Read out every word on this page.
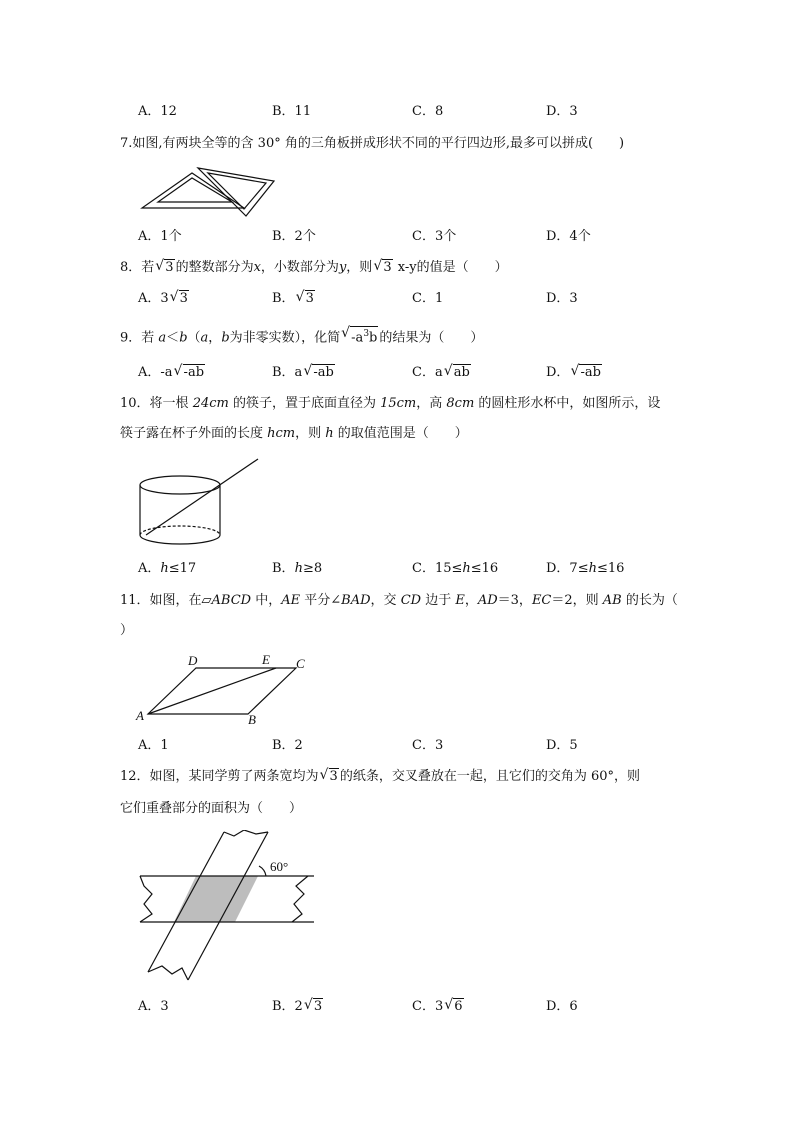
A．12	B．11	C．8	D．3
7.如图,有两块全等的含 30° 角的三角板拼成形状不同的平行四边形,最多可以拼成(　　)
A．1个	B．2个	C．3个	D．4个
8．若 √ 3 的整数部分为x，小数部分为y，则 √ 3 x-y的值是（　　）
A．3 √ 3	B． √ 3	C．1	D．3
9．若 a＜b（a，b为非零实数），化简 √ $-a^3b$ 的结果为（　　）
A．-a √ -ab	B．a √ -ab	C．a √ ab	D． √ -ab
10．将一根 24cm 的筷子，置于底面直径为 15cm，高 8cm 的圆柱形水杯中，如图所示，设
筷子露在杯子外面的长度 hcm，则 h 的取值范围是（　　）
A．h≤17	B．h≥8	C．15≤h≤16	D．7≤h≤16
11．如图，在▱ABCD 中，AE 平分∠BAD，交 CD 边于 E，AD＝3，EC＝2，则 AB 的长为（
）
A	B
C
D	E
A．1	B．2	C．3	D．5
12．如图，某同学剪了两条宽均为 √ 3 的纸条，交叉叠放在一起，且它们的交角为 60°，则
它们重叠部分的面积为（　　）
60°
A．3	B．2 √ 3	C．3 √ 6	D．6
